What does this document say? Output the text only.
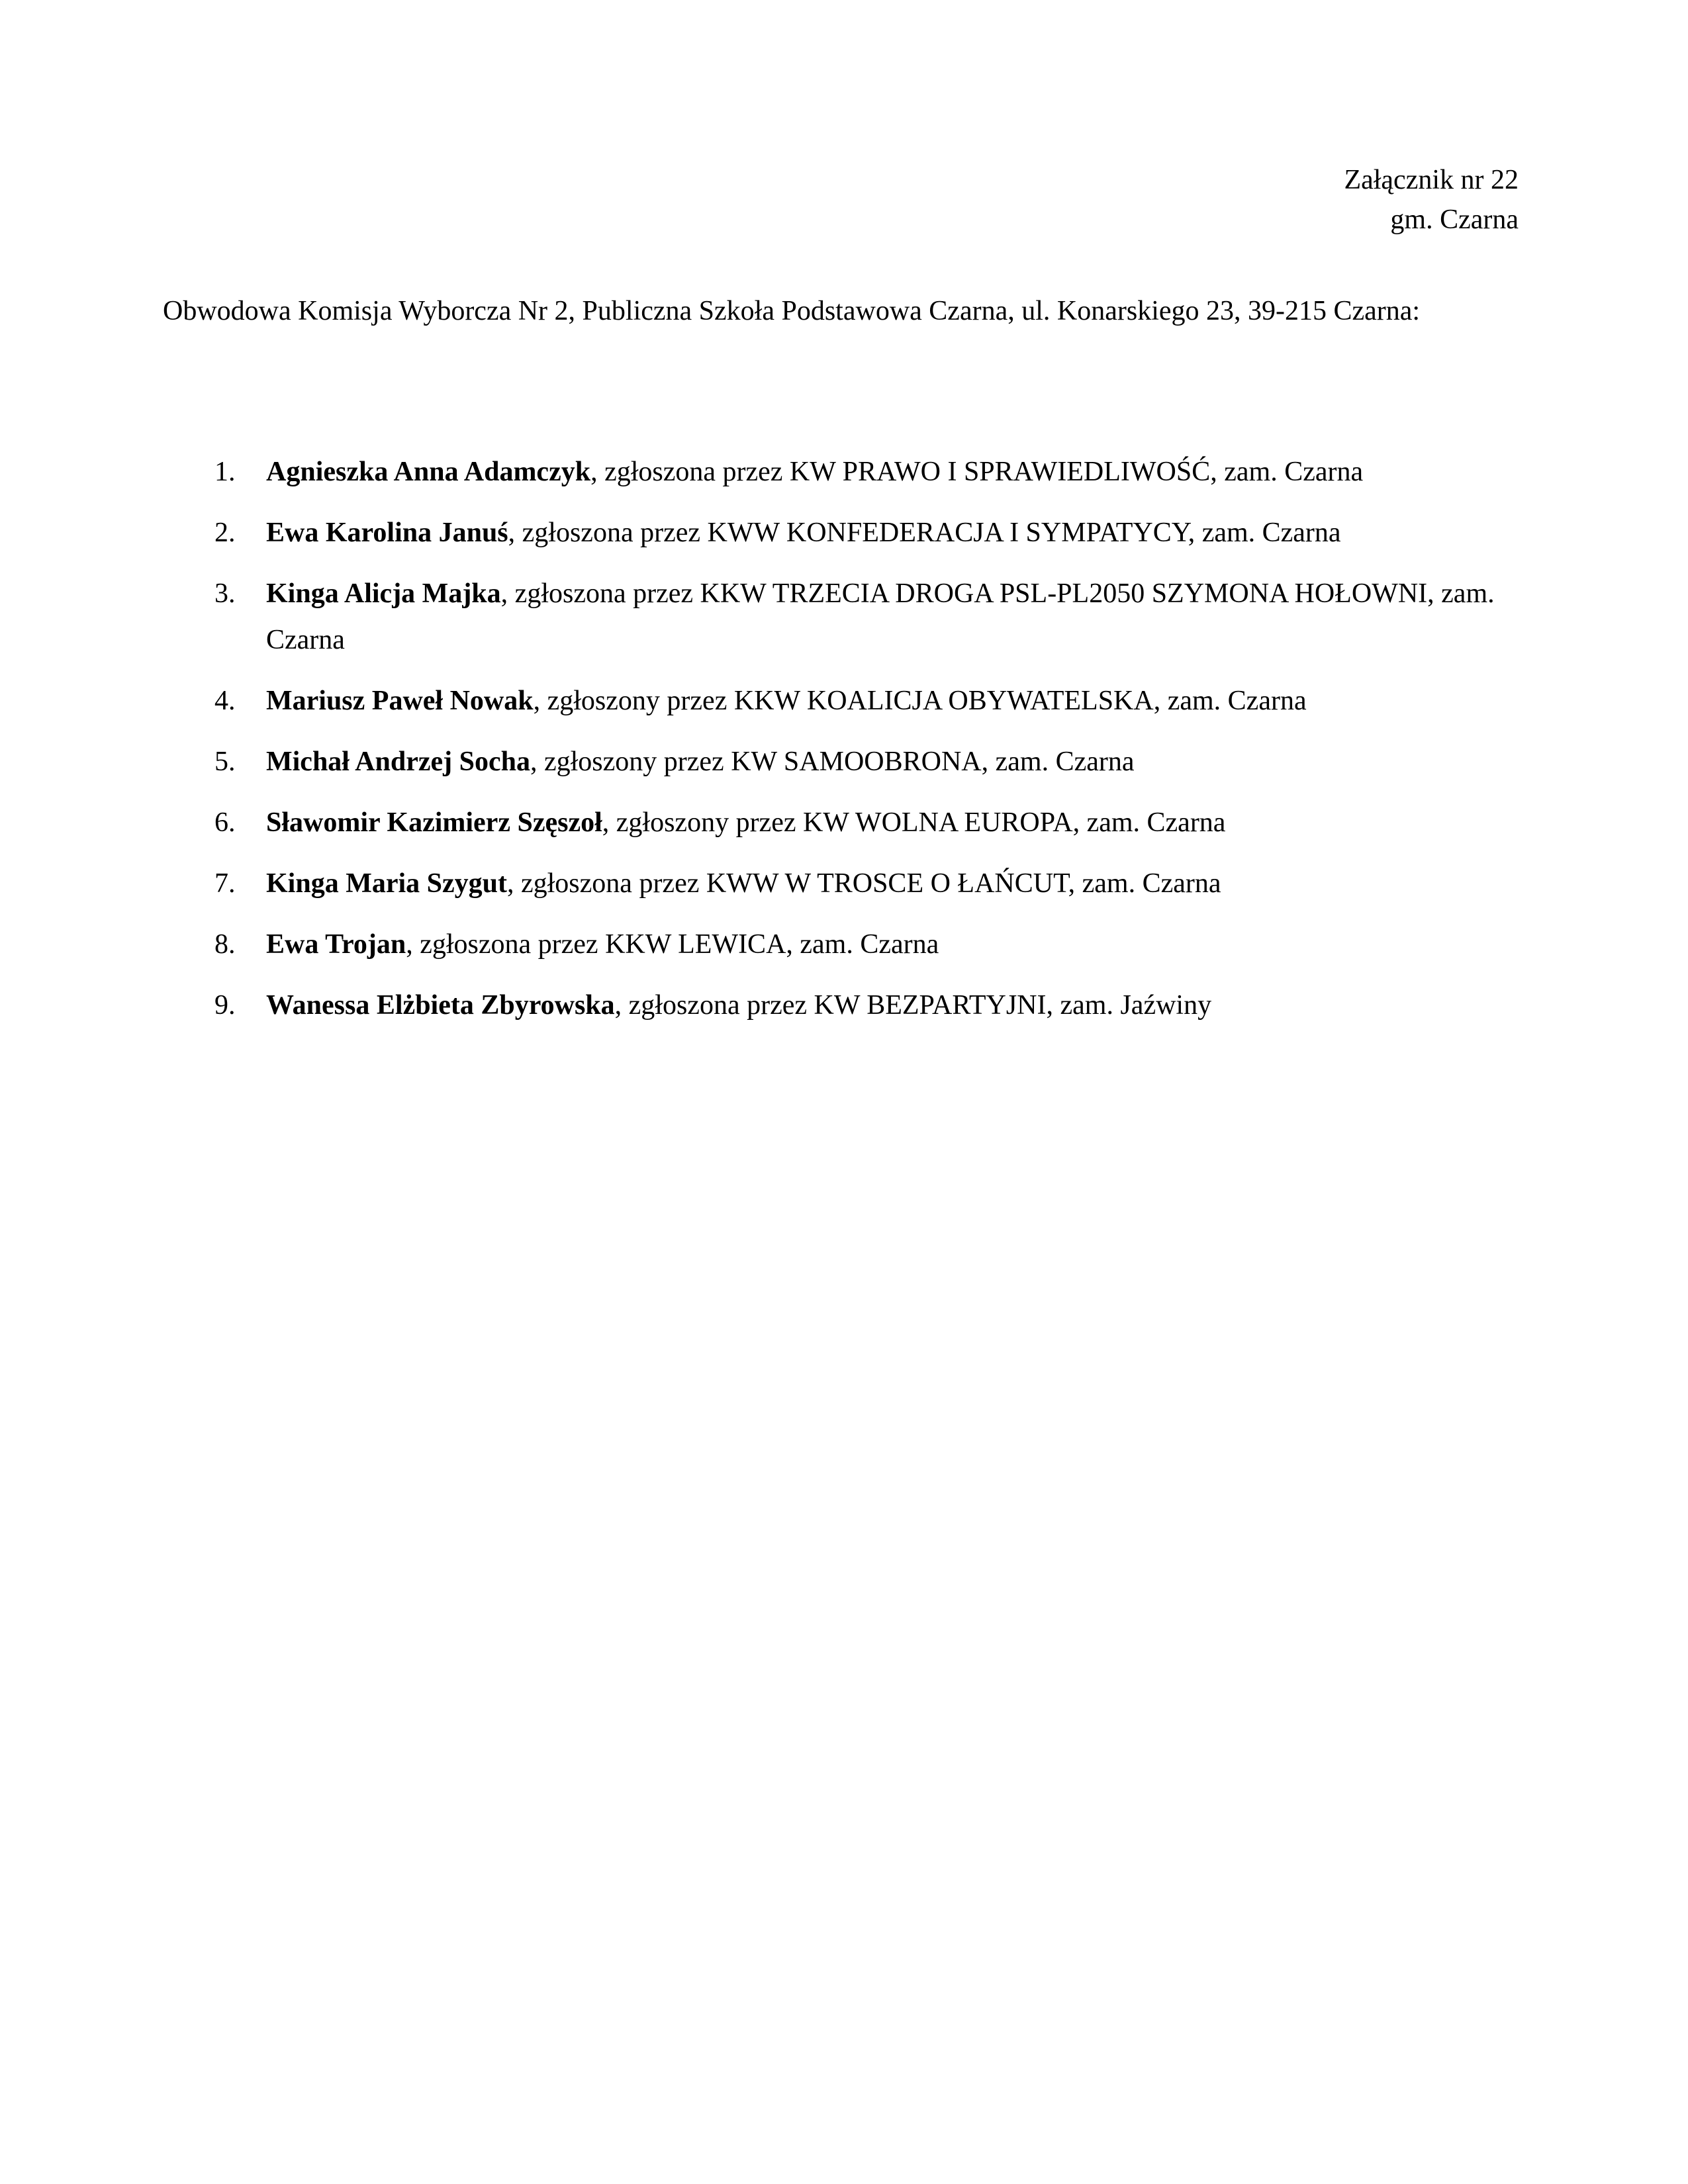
Załącznik nr 22
gm. Czarna

Obwodowa Komisja Wyborcza Nr 2, Publiczna Szkoła Podstawowa Czarna, ul. Konarskiego 23, 39-215 Czarna:

1. Agnieszka Anna Adamczyk, zgłoszona przez KW PRAWO I SPRAWIEDLIWOŚĆ, zam. Czarna
2. Ewa Karolina Januś, zgłoszona przez KWW KONFEDERACJA I SYMPATYCY, zam. Czarna
3. Kinga Alicja Majka, zgłoszona przez KKW TRZECIA DROGA PSL-PL2050 SZYMONA HOŁOWNI, zam. Czarna
4. Mariusz Paweł Nowak, zgłoszony przez KKW KOALICJA OBYWATELSKA, zam. Czarna
5. Michał Andrzej Socha, zgłoszony przez KW SAMOOBRONA, zam. Czarna
6. Sławomir Kazimierz Szęszoł, zgłoszony przez KW WOLNA EUROPA, zam. Czarna
7. Kinga Maria Szygut, zgłoszona przez KWW W TROSCE O ŁAŃCUT, zam. Czarna
8. Ewa Trojan, zgłoszona przez KKW LEWICA, zam. Czarna
9. Wanessa Elżbieta Zbyrowska, zgłoszona przez KW BEZPARTYJNI, zam. Jaźwiny
